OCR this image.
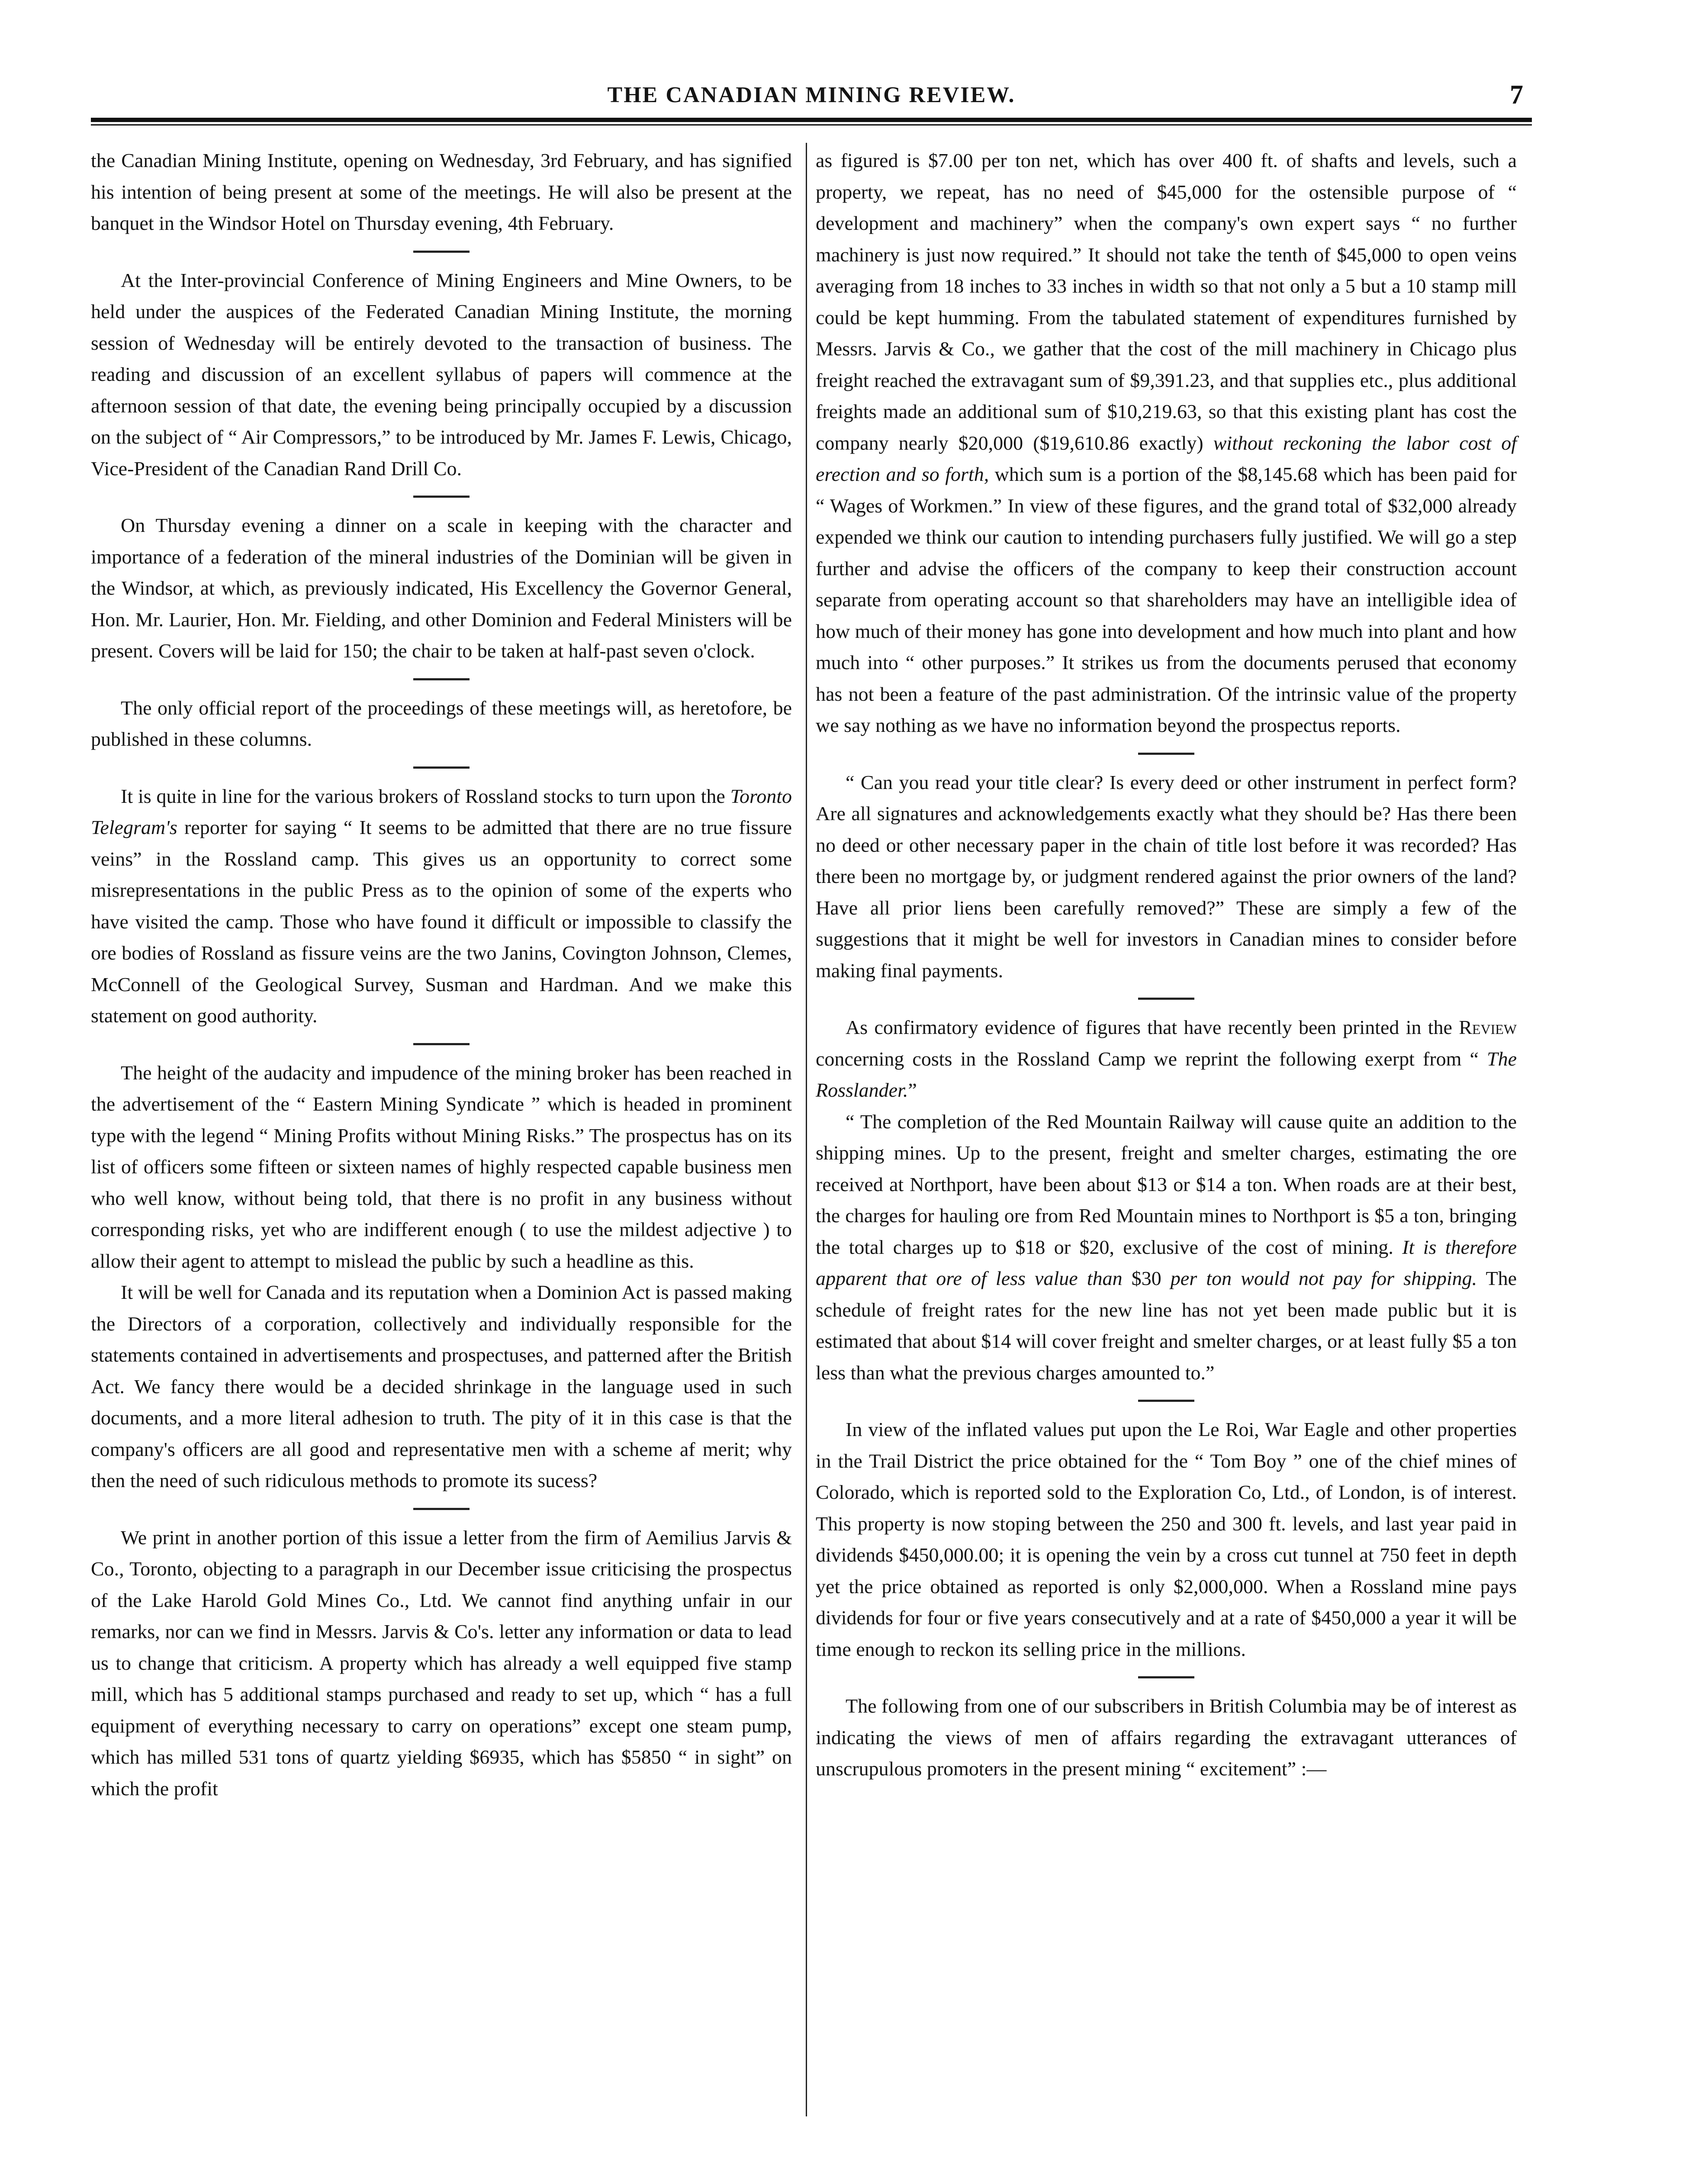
THE CANADIAN MINING REVIEW.	7

the Canadian Mining Institute, opening on Wednesday, 3rd February, and has signified his intention of being present at some of the meetings. He will also be present at the banquet in the Windsor Hotel on Thursday evening, 4th February.

At the Inter-provincial Conference of Mining Engineers and Mine Owners, to be held under the auspices of the Federated Canadian Mining Institute, the morning session of Wednesday will be entirely devoted to the transaction of business. The reading and discussion of an excellent syllabus of papers will commence at the afternoon session of that date, the evening being principally occupied by a discussion on the subject of “ Air Compressors,” to be introduced by Mr. James F. Lewis, Chicago, Vice-President of the Canadian Rand Drill Co.

On Thursday evening a dinner on a scale in keeping with the character and importance of a federation of the mineral industries of the Dominian will be given in the Windsor, at which, as previously indicated, His Excellency the Governor General, Hon. Mr. Laurier, Hon. Mr. Fielding, and other Dominion and Federal Ministers will be present. Covers will be laid for 150; the chair to be taken at half-past seven o'clock.

The only official report of the proceedings of these meetings will, as heretofore, be published in these columns.

It is quite in line for the various brokers of Rossland stocks to turn upon the Toronto Telegram's reporter for saying “ It seems to be admitted that there are no true fissure veins” in the Rossland camp. This gives us an opportunity to correct some misrepresentations in the public Press as to the opinion of some of the experts who have visited the camp. Those who have found it difficult or impossible to classify the ore bodies of Rossland as fissure veins are the two Janins, Covington Johnson, Clemes, McConnell of the Geological Survey, Susman and Hardman. And we make this statement on good authority.

The height of the audacity and impudence of the mining broker has been reached in the advertisement of the “ Eastern Mining Syndicate ” which is headed in prominent type with the legend “ Mining Profits without Mining Risks.” The prospectus has on its list of officers some fifteen or sixteen names of highly respected capable business men who well know, without being told, that there is no profit in any business without corresponding risks, yet who are indifferent enough ( to use the mildest adjective ) to allow their agent to attempt to mislead the public by such a headline as this.

It will be well for Canada and its reputation when a Dominion Act is passed making the Directors of a corporation, collectively and individually responsible for the statements contained in advertisements and prospectuses, and patterned after the British Act. We fancy there would be a decided shrinkage in the language used in such documents, and a more literal adhesion to truth. The pity of it in this case is that the company's officers are all good and representative men with a scheme af merit; why then the need of such ridiculous methods to promote its sucess?

We print in another portion of this issue a letter from the firm of Aemilius Jarvis & Co., Toronto, objecting to a paragraph in our December issue criticising the prospectus of the Lake Harold Gold Mines Co., Ltd. We cannot find anything unfair in our remarks, nor can we find in Messrs. Jarvis & Co's. letter any information or data to lead us to change that criticism. A property which has already a well equipped five stamp mill, which has 5 additional stamps purchased and ready to set up, which “ has a full equipment of everything necessary to carry on operations” except one steam pump, which has milled 531 tons of quartz yielding $6935, which has $5850 “ in sight” on which the profit

as figured is $7.00 per ton net, which has over 400 ft. of shafts and levels, such a property, we repeat, has no need of $45,000 for the ostensible purpose of “ development and machinery” when the company's own expert says “ no further machinery is just now required.” It should not take the tenth of $45,000 to open veins averaging from 18 inches to 33 inches in width so that not only a 5 but a 10 stamp mill could be kept humming. From the tabulated statement of expenditures furnished by Messrs. Jarvis & Co., we gather that the cost of the mill machinery in Chicago plus freight reached the extravagant sum of $9,391.23, and that supplies etc., plus additional freights made an additional sum of $10,219.63, so that this existing plant has cost the company nearly $20,000 ($19,610.86 exactly) without reckoning the labor cost of erection and so forth, which sum is a portion of the $8,145.68 which has been paid for “ Wages of Workmen.” In view of these figures, and the grand total of $32,000 already expended we think our caution to intending purchasers fully justified. We will go a step further and advise the officers of the company to keep their construction account separate from operating account so that shareholders may have an intelligible idea of how much of their money has gone into development and how much into plant and how much into “ other purposes.” It strikes us from the documents perused that economy has not been a feature of the past administration. Of the intrinsic value of the property we say nothing as we have no information beyond the prospectus reports.

“ Can you read your title clear? Is every deed or other instrument in perfect form? Are all signatures and acknowledgements exactly what they should be? Has there been no deed or other necessary paper in the chain of title lost before it was recorded? Has there been no mortgage by, or judgment rendered against the prior owners of the land? Have all prior liens been carefully removed?” These are simply a few of the suggestions that it might be well for investors in Canadian mines to consider before making final payments.

As confirmatory evidence of figures that have recently been printed in the Review concerning costs in the Rossland Camp we reprint the following exerpt from “ The Rosslander.”

“ The completion of the Red Mountain Railway will cause quite an addition to the shipping mines. Up to the present, freight and smelter charges, estimating the ore received at Northport, have been about $13 or $14 a ton. When roads are at their best, the charges for hauling ore from Red Mountain mines to Northport is $5 a ton, bringing the total charges up to $18 or $20, exclusive of the cost of mining. It is therefore apparent that ore of less value than $30 per ton would not pay for shipping. The schedule of freight rates for the new line has not yet been made public but it is estimated that about $14 will cover freight and smelter charges, or at least fully $5 a ton less than what the previous charges amounted to.”

In view of the inflated values put upon the Le Roi, War Eagle and other properties in the Trail District the price obtained for the “ Tom Boy ” one of the chief mines of Colorado, which is reported sold to the Exploration Co, Ltd., of London, is of interest. This property is now stoping between the 250 and 300 ft. levels, and last year paid in dividends $450,000.00; it is opening the vein by a cross cut tunnel at 750 feet in depth yet the price obtained as reported is only $2,000,000. When a Rossland mine pays dividends for four or five years consecutively and at a rate of $450,000 a year it will be time enough to reckon its selling price in the millions.

The following from one of our subscribers in British Columbia may be of interest as indicating the views of men of affairs regarding the extravagant utterances of unscrupulous promoters in the present mining “ excitement” :—
